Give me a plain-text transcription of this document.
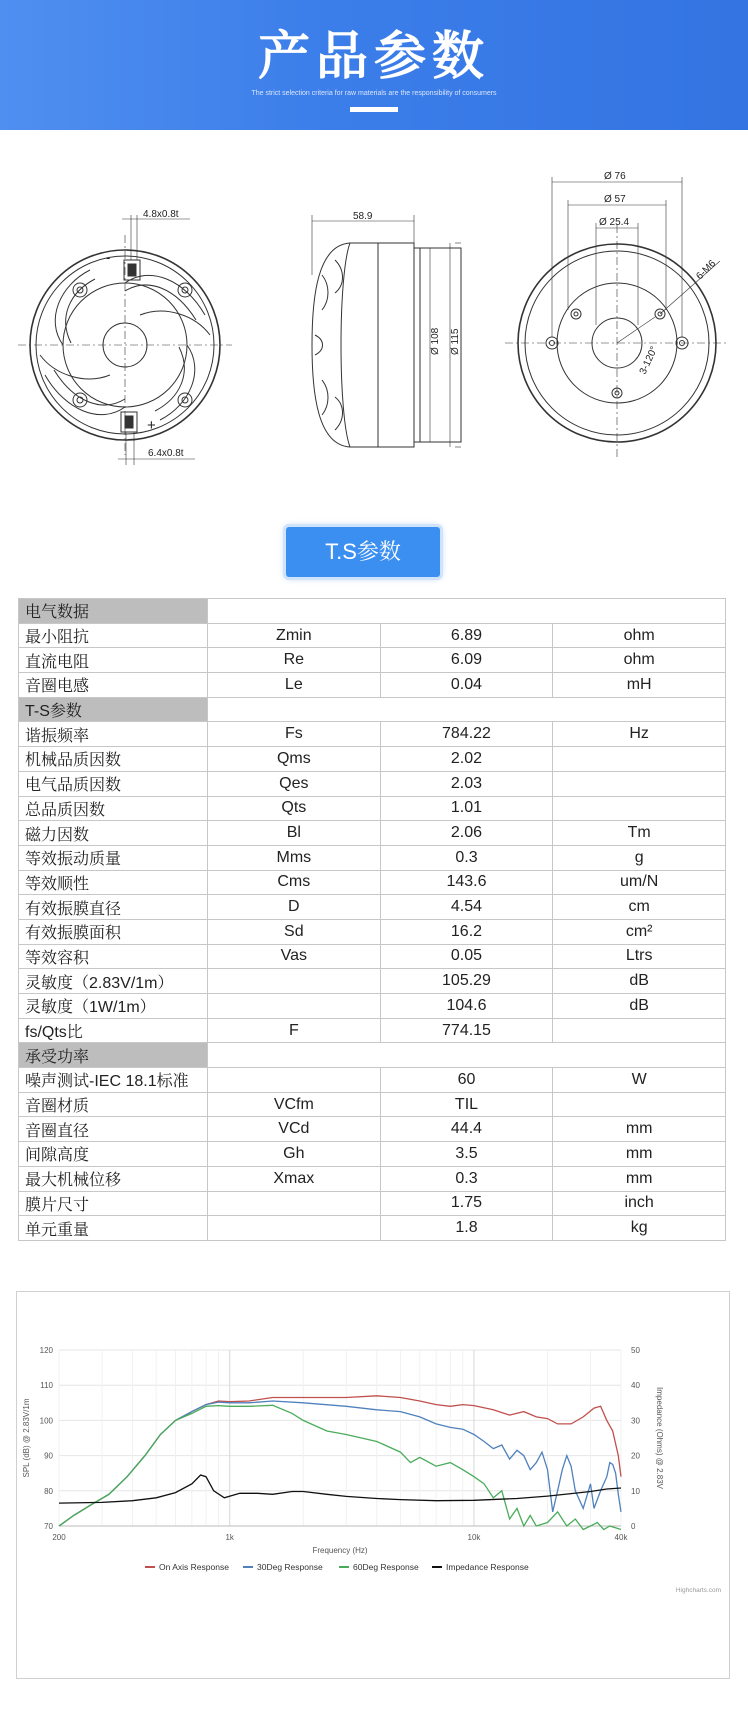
产品参数
The strict selection criteria for raw materials are the responsibility of consumers
4.8x0.8t
6.4x0.8t
-
+
58.9
Ø 108 Ø 115
Ø 76
Ø 57
Ø 25.4
6-M6
3-120°
T.S参数
电气数据			
最小阻抗	Zmin	6.89	ohm
直流电阻	Re	6.09	ohm
音圈电感	Le	0.04	mH
T-S参数			
谐振频率	Fs	784.22	Hz
机械品质因数	Qms	2.02	
电气品质因数	Qes	2.03	
总品质因数	Qts	1.01	
磁力因数	Bl	2.06	Tm
等效振动质量	Mms	0.3	g
等效顺性	Cms	143.6	um/N
有效振膜直径	D	4.54	cm
有效振膜面积	Sd	16.2	cm²
等效容积	Vas	0.05	Ltrs
灵敏度（2.83V/1m）		105.29	dB
灵敏度（1W/1m）		104.6	dB
fs/Qts比	F	774.15	
承受功率			
噪声测试-IEC 18.1标准		60	W
音圈材质	VCfm	TIL	
音圈直径	VCd	44.4	mm
间隙高度	Gh	3.5	mm
最大机械位移	Xmax	0.3	mm
膜片尺寸		1.75	inch
单元重量		1.8	kg
70
80
90
100
110
120
0
10
20
30
40
50
200	1k	10k	40k
On Axis Response	30Deg Response	60Deg Response	Impedance Response
Frequency (Hz)
SPL (dB) @ 2.83V/1m	Impedance (Ohms) @ 2.83V
Highcharts.com
